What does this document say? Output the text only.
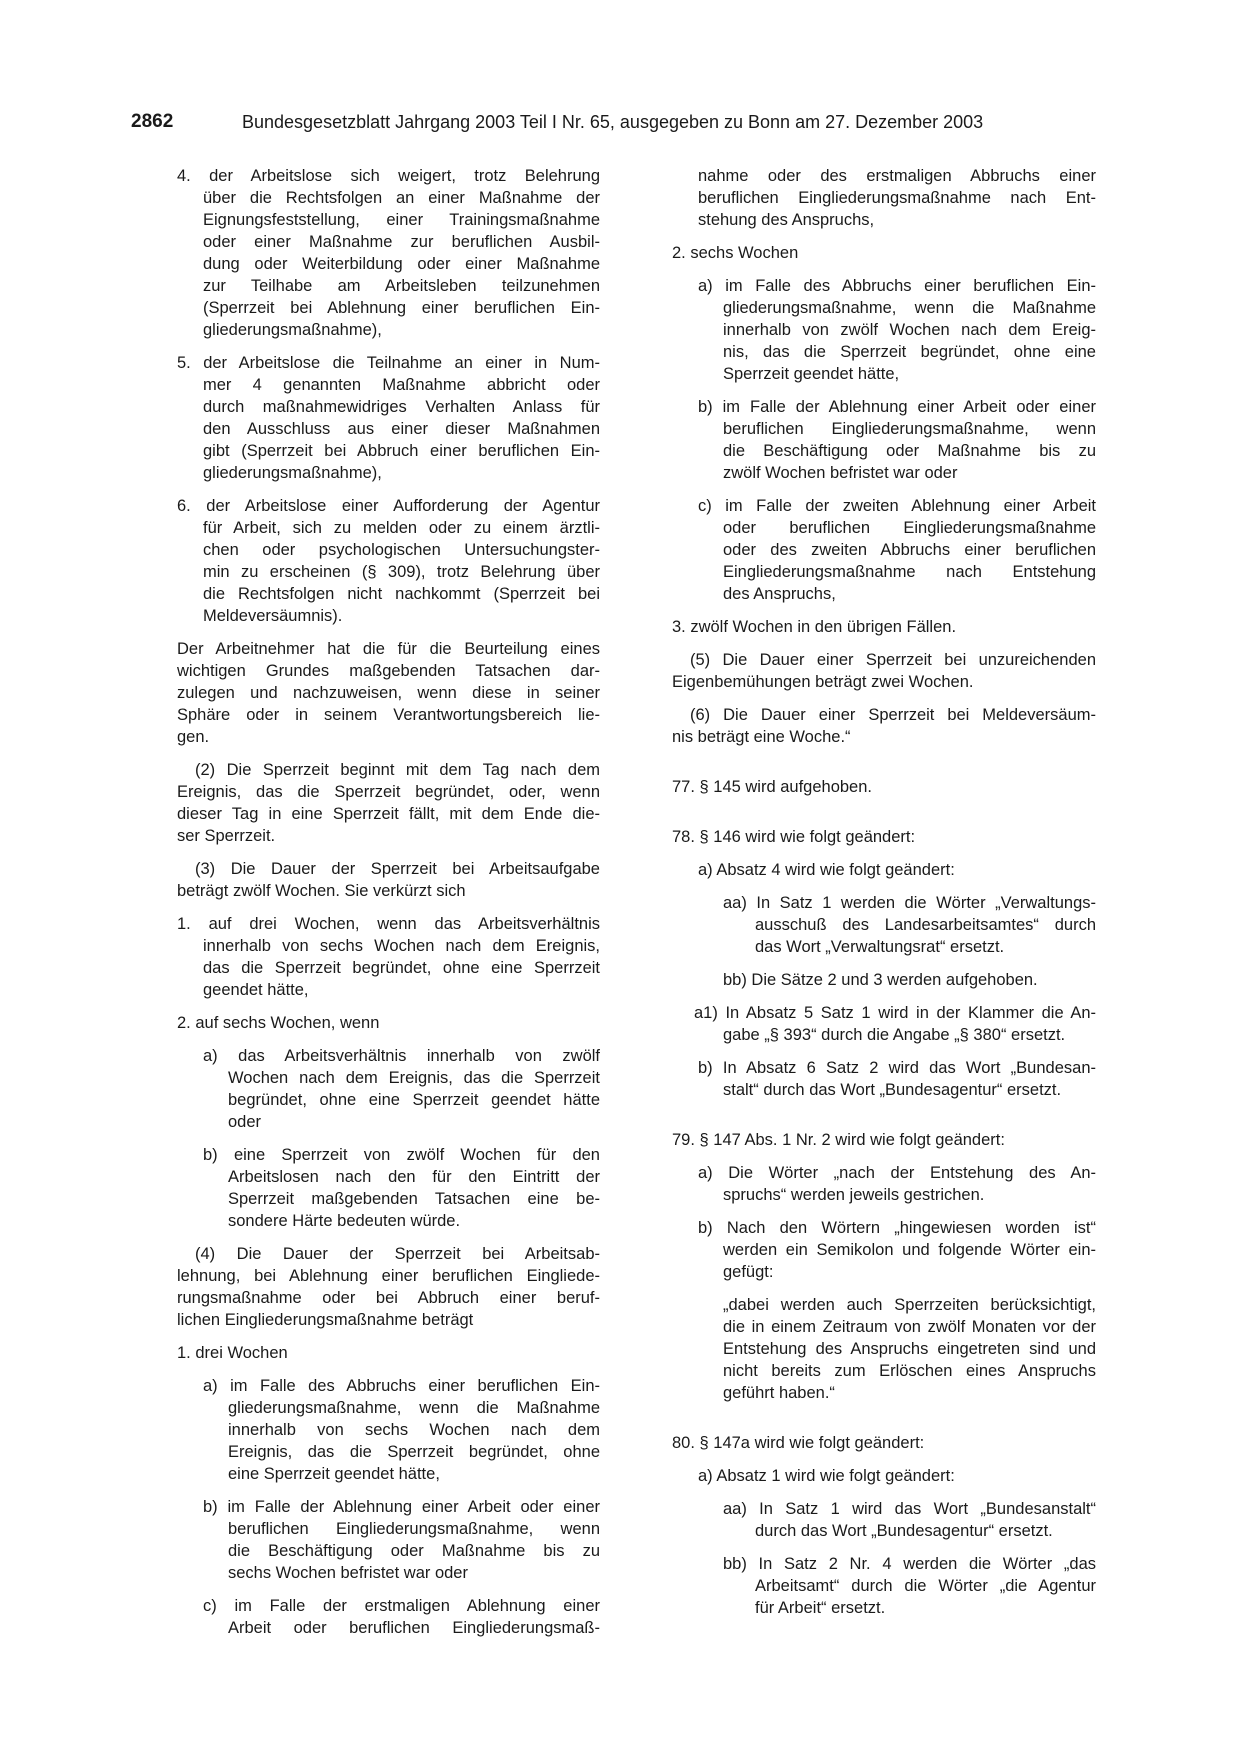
2862	Bundesgesetzblatt Jahrgang 2003 Teil I Nr. 65, ausgegeben zu Bonn am 27. Dezember 2003
4. der Arbeitslose sich weigert, trotz Belehrung
über die Rechtsfolgen an einer Maßnahme der
Eignungsfeststellung, einer Trainingsmaßnahme
oder einer Maßnahme zur beruflichen Ausbil-
dung oder Weiterbildung oder einer Maßnahme
zur Teilhabe am Arbeitsleben teilzunehmen
(Sperrzeit bei Ablehnung einer beruflichen Ein-
gliederungsmaßnahme),
5. der Arbeitslose die Teilnahme an einer in Num-
mer 4 genannten Maßnahme abbricht oder
durch maßnahmewidriges Verhalten Anlass für
den Ausschluss aus einer dieser Maßnahmen
gibt (Sperrzeit bei Abbruch einer beruflichen Ein-
gliederungsmaßnahme),
6. der Arbeitslose einer Aufforderung der Agentur
für Arbeit, sich zu melden oder zu einem ärztli-
chen oder psychologischen Untersuchungster-
min zu erscheinen (§ 309), trotz Belehrung über
die Rechtsfolgen nicht nachkommt (Sperrzeit bei
Meldeversäumnis).
Der Arbeitnehmer hat die für die Beurteilung eines
wichtigen Grundes maßgebenden Tatsachen dar-
zulegen und nachzuweisen, wenn diese in seiner
Sphäre oder in seinem Verantwortungsbereich lie-
gen.
(2) Die Sperrzeit beginnt mit dem Tag nach dem
Ereignis, das die Sperrzeit begründet, oder, wenn
dieser Tag in eine Sperrzeit fällt, mit dem Ende die-
ser Sperrzeit.
(3) Die Dauer der Sperrzeit bei Arbeitsaufgabe
beträgt zwölf Wochen. Sie verkürzt sich
1. auf drei Wochen, wenn das Arbeitsverhältnis
innerhalb von sechs Wochen nach dem Ereignis,
das die Sperrzeit begründet, ohne eine Sperrzeit
geendet hätte,
2. auf sechs Wochen, wenn
a) das Arbeitsverhältnis innerhalb von zwölf
Wochen nach dem Ereignis, das die Sperrzeit
begründet, ohne eine Sperrzeit geendet hätte
oder
b) eine Sperrzeit von zwölf Wochen für den
Arbeitslosen nach den für den Eintritt der
Sperrzeit maßgebenden Tatsachen eine be-
sondere Härte bedeuten würde.
(4) Die Dauer der Sperrzeit bei Arbeitsab-
lehnung, bei Ablehnung einer beruflichen Eingliede-
rungsmaßnahme oder bei Abbruch einer beruf-
lichen Eingliederungsmaßnahme beträgt
1. drei Wochen
a) im Falle des Abbruchs einer beruflichen Ein-
gliederungsmaßnahme, wenn die Maßnahme
innerhalb von sechs Wochen nach dem
Ereignis, das die Sperrzeit begründet, ohne
eine Sperrzeit geendet hätte,
b) im Falle der Ablehnung einer Arbeit oder einer
beruflichen Eingliederungsmaßnahme, wenn
die Beschäftigung oder Maßnahme bis zu
sechs Wochen befristet war oder
c) im Falle der erstmaligen Ablehnung einer
Arbeit oder beruflichen Eingliederungsmaß-
nahme oder des erstmaligen Abbruchs einer
beruflichen Eingliederungsmaßnahme nach Ent-
stehung des Anspruchs,
2. sechs Wochen
a) im Falle des Abbruchs einer beruflichen Ein-
gliederungsmaßnahme, wenn die Maßnahme
innerhalb von zwölf Wochen nach dem Ereig-
nis, das die Sperrzeit begründet, ohne eine
Sperrzeit geendet hätte,
b) im Falle der Ablehnung einer Arbeit oder einer
beruflichen Eingliederungsmaßnahme, wenn
die Beschäftigung oder Maßnahme bis zu
zwölf Wochen befristet war oder
c) im Falle der zweiten Ablehnung einer Arbeit
oder beruflichen Eingliederungsmaßnahme
oder des zweiten Abbruchs einer beruflichen
Eingliederungsmaßnahme nach Entstehung
des Anspruchs,
3. zwölf Wochen in den übrigen Fällen.
(5) Die Dauer einer Sperrzeit bei unzureichenden
Eigenbemühungen beträgt zwei Wochen.
(6) Die Dauer einer Sperrzeit bei Meldeversäum-
nis beträgt eine Woche.“
77. § 145 wird aufgehoben.
78. § 146 wird wie folgt geändert:
a) Absatz 4 wird wie folgt geändert:
aa) In Satz 1 werden die Wörter „Verwaltungs-
ausschuß des Landesarbeitsamtes“ durch
das Wort „Verwaltungsrat“ ersetzt.
bb) Die Sätze 2 und 3 werden aufgehoben.
a1) In Absatz 5 Satz 1 wird in der Klammer die An-
gabe „§ 393“ durch die Angabe „§ 380“ ersetzt.
b) In Absatz 6 Satz 2 wird das Wort „Bundesan-
stalt“ durch das Wort „Bundesagentur“ ersetzt.
79. § 147 Abs. 1 Nr. 2 wird wie folgt geändert:
a) Die Wörter „nach der Entstehung des An-
spruchs“ werden jeweils gestrichen.
b) Nach den Wörtern „hingewiesen worden ist“
werden ein Semikolon und folgende Wörter ein-
gefügt:
„dabei werden auch Sperrzeiten berücksichtigt,
die in einem Zeitraum von zwölf Monaten vor der
Entstehung des Anspruchs eingetreten sind und
nicht bereits zum Erlöschen eines Anspruchs
geführt haben.“
80. § 147a wird wie folgt geändert:
a) Absatz 1 wird wie folgt geändert:
aa) In Satz 1 wird das Wort „Bundesanstalt“
durch das Wort „Bundesagentur“ ersetzt.
bb) In Satz 2 Nr. 4 werden die Wörter „das
Arbeitsamt“ durch die Wörter „die Agentur
für Arbeit“ ersetzt.
